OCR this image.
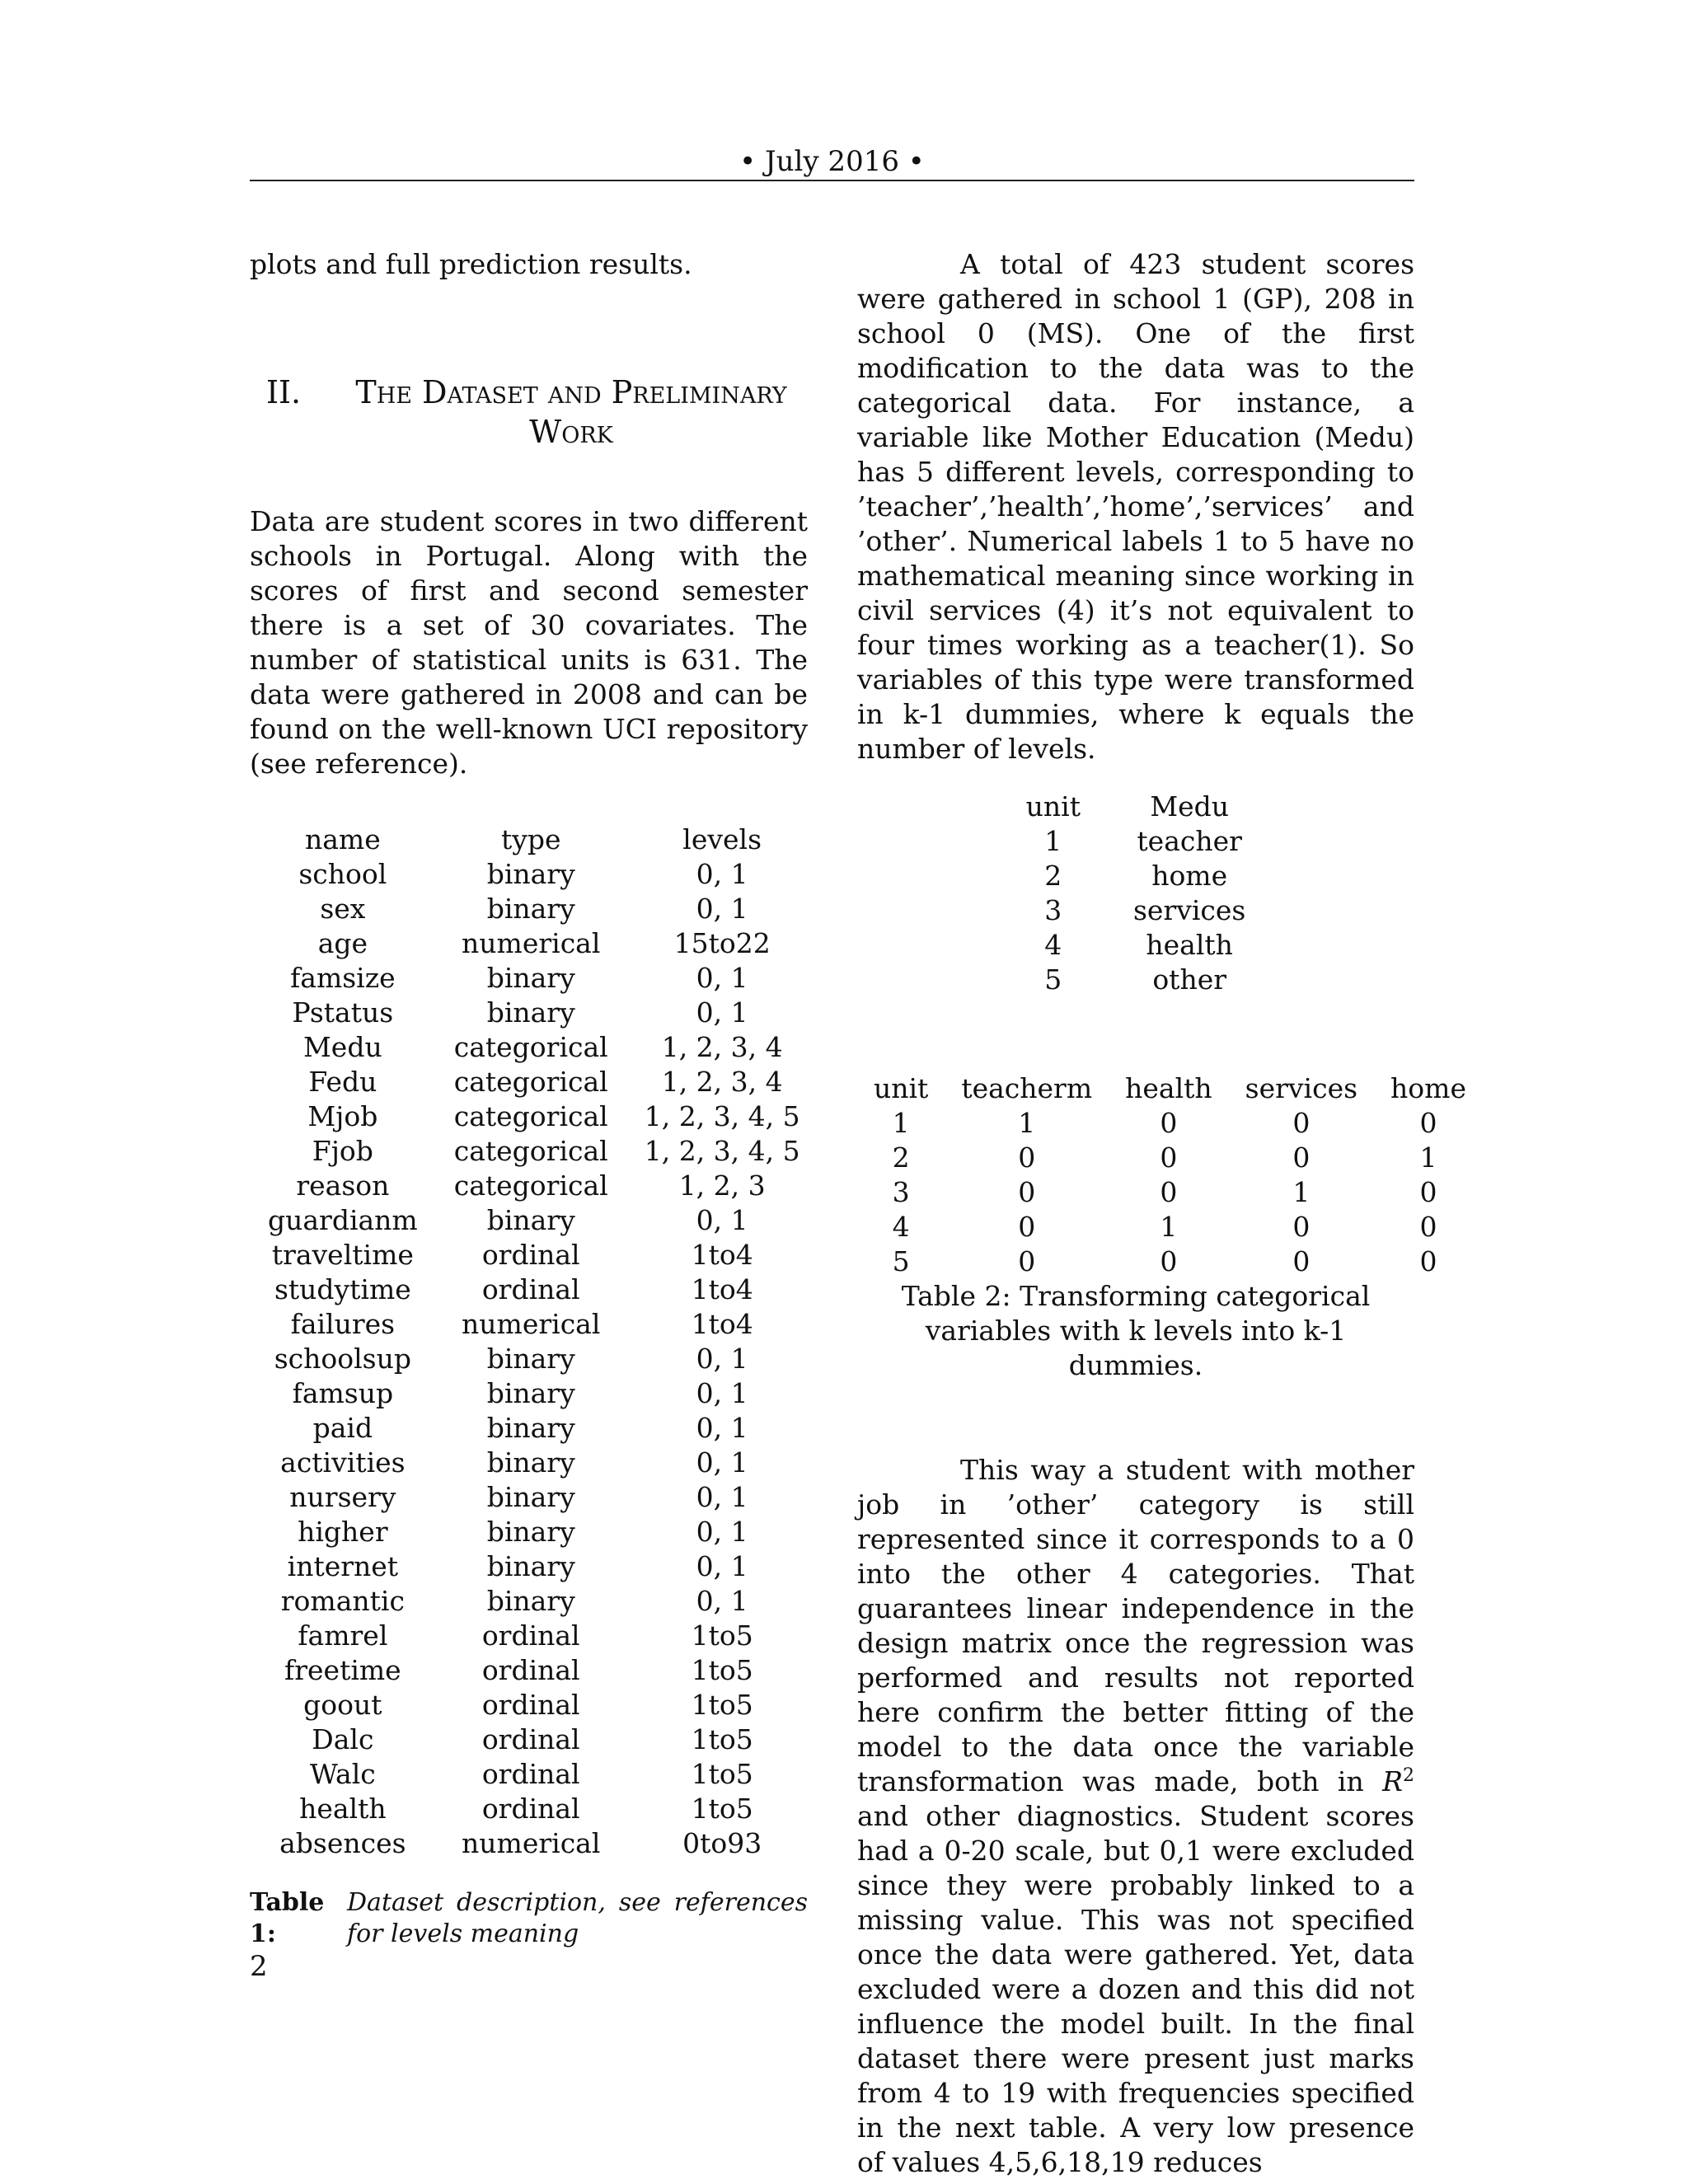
• July 2016 •

plots and full prediction results.

II.	The Dataset and Preliminary Work

Data are student scores in two different schools in Portugal. Along with the scores of first and second semester there is a set of 30 covariates. The number of statistical units is 631. The data were gathered in 2008 and can be found on the well-known UCI repository (see reference).

name	type	levels
school	binary	0, 1
sex	binary	0, 1
age	numerical	15to22
famsize	binary	0, 1
Pstatus	binary	0, 1
Medu	categorical	1, 2, 3, 4
Fedu	categorical	1, 2, 3, 4
Mjob	categorical	1, 2, 3, 4, 5
Fjob	categorical	1, 2, 3, 4, 5
reason	categorical	1, 2, 3
guardianm	binary	0, 1
traveltime	ordinal	1to4
studytime	ordinal	1to4
failures	numerical	1to4
schoolsup	binary	0, 1
famsup	binary	0, 1
paid	binary	0, 1
activities	binary	0, 1
nursery	binary	0, 1
higher	binary	0, 1
internet	binary	0, 1
romantic	binary	0, 1
famrel	ordinal	1to5
freetime	ordinal	1to5
goout	ordinal	1to5
Dalc	ordinal	1to5
Walc	ordinal	1to5
health	ordinal	1to5
absences	numerical	0to93
Table 1:
Dataset description, see references for levels meaning

A total of 423 student scores were gathered in school 1 (GP), 208 in school 0 (MS). One of the first modification to the data was to the categorical data. For instance, a variable like Mother Education (Medu) has 5 different levels, corresponding to ’teacher’,’health’,’home’,’services’ and ’other’. Numerical labels 1 to 5 have no mathematical meaning since working in civil services (4) it’s not equivalent to four times working as a teacher(1). So variables of this type were transformed in k-1 dummies, where k equals the number of levels.

unit	Medu
1	teacher
2	home
3	services
4	health
5	other
unit	teacherm	health	services	home
1	1	0	0	0
2	0	0	0	1
3	0	0	1	0
4	0	1	0	0
5	0	0	0	0

Table 2: Transforming categorical variables with k levels into k-1 dummies.

This way a student with mother job in ’other’ category is still represented since it corresponds to a 0 into the other 4 categories. That guarantees linear independence in the design matrix once the regression was performed and results not reported here confirm the better fitting of the model to the data once the variable transformation was made, both in $R^2$ and other diagnostics. Student scores had a 0-20 scale, but 0,1 were excluded since they were probably linked to a missing value. This was not specified once the data were gathered. Yet, data excluded were a dozen and this did not influence the model built. In the final dataset there were present just marks from 4 to 19 with frequencies specified in the next table. A very low presence of values 4,5,6,18,19 reduces

2
